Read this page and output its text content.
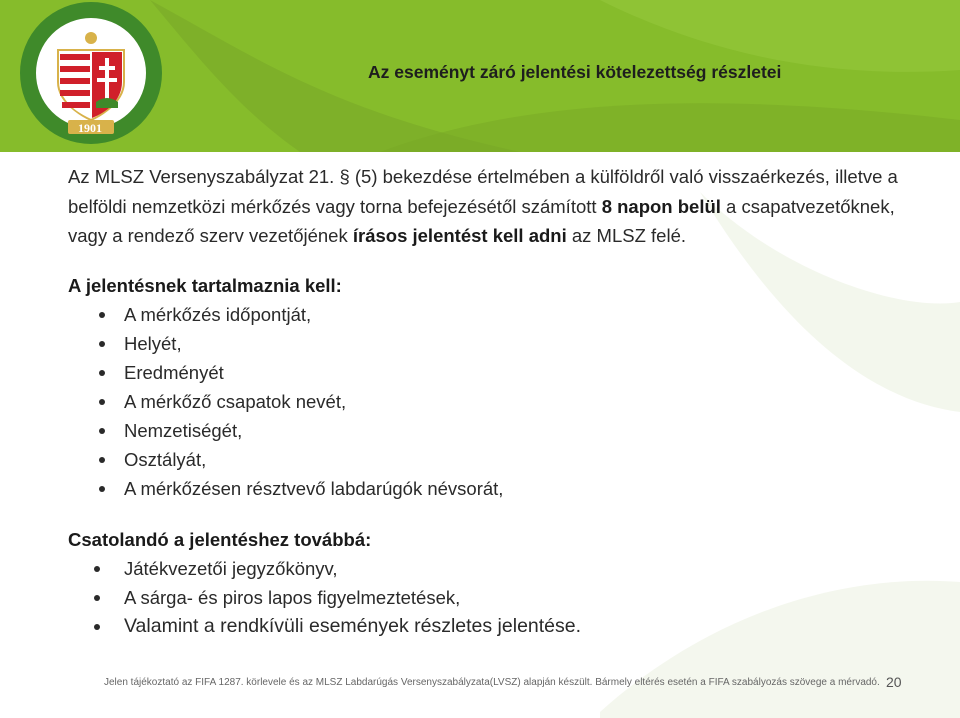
1901
Az eseményt záró jelentési kötelezettség részletei

Az MLSZ Versenyszabályzat 21. § (5) bekezdése értelmében a külföldről való visszaérkezés, illetve a belföldi nemzetközi mérkőzés vagy torna befejezésétől számított 8 napon belül a csapatvezetőknek, vagy a rendező szerv vezetőjének írásos jelentést kell adni az MLSZ felé.

A jelentésnek tartalmaznia kell:

A mérkőzés időpontját,
Helyét,
Eredményét
A mérkőző csapatok nevét,
Nemzetiségét,
Osztályát,
A mérkőzésen résztvevő labdarúgók névsorát,

Csatolandó a jelentéshez továbbá:

Játékvezetői jegyzőkönyv,
A sárga- és piros lapos figyelmeztetések,
Valamint a rendkívüli események részletes jelentése.
Jelen tájékoztató az FIFA 1287. körlevele és az MLSZ Labdarúgás Versenyszabályzata(LVSZ) alapján készült. Bármely eltérés esetén a FIFA szabályozás szövege a mérvadó. 20
